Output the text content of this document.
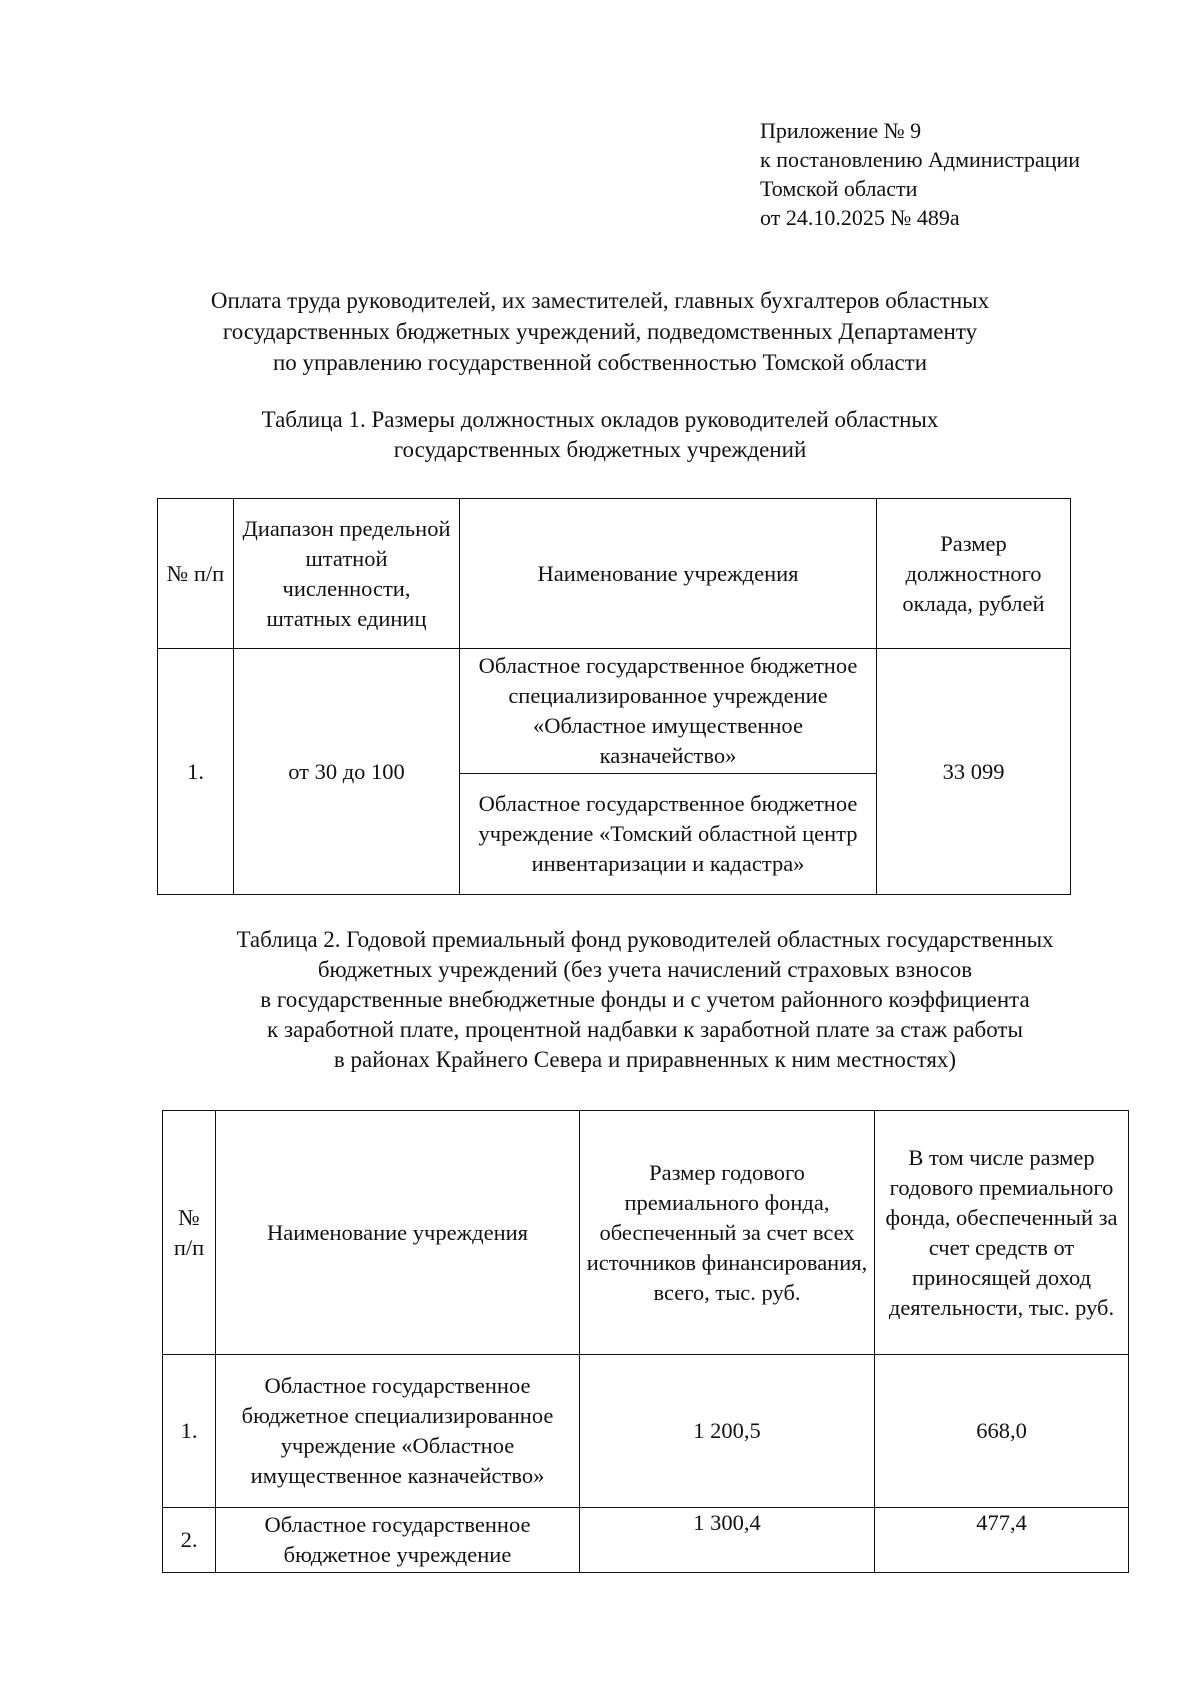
Приложение № 9
к постановлению Администрации
Томской области
от 24.10.2025 № 489а
Оплата труда руководителей, их заместителей, главных бухгалтеров областных
государственных бюджетных учреждений, подведомственных Департаменту
по управлению государственной собственностью Томской области
Таблица 1. Размеры должностных окладов руководителей областных
государственных бюджетных учреждений
№ п/п	Диапазон предельной штатной численности, штатных единиц	Наименование учреждения	Размер должностного оклада, рублей
1.	от 30 до 100	Областное государственное бюджетное специализированное учреждение «Областное имущественное казначейство»	33 099
		Областное государственное бюджетное учреждение «Томский областной центр инвентаризации и кадастра»	
Таблица 2. Годовой премиальный фонд руководителей областных государственных
бюджетных учреждений (без учета начислений страховых взносов
в государственные внебюджетные фонды и с учетом районного коэффициента
к заработной плате, процентной надбавки к заработной плате за стаж работы
в районах Крайнего Севера и приравненных к ним местностях)
№ п/п	Наименование учреждения	Размер годового премиального фонда, обеспеченный за счет всех источников финансирования, всего, тыс. руб.	В том числе размер годового премиального фонда, обеспеченный за счет средств от приносящей доход деятельности, тыс. руб.
1.	Областное государственное бюджетное специализированное учреждение «Областное имущественное казначейство»	1 200,5	668,0
2.	Областное государственное бюджетное учреждение	1 300,4	477,4
